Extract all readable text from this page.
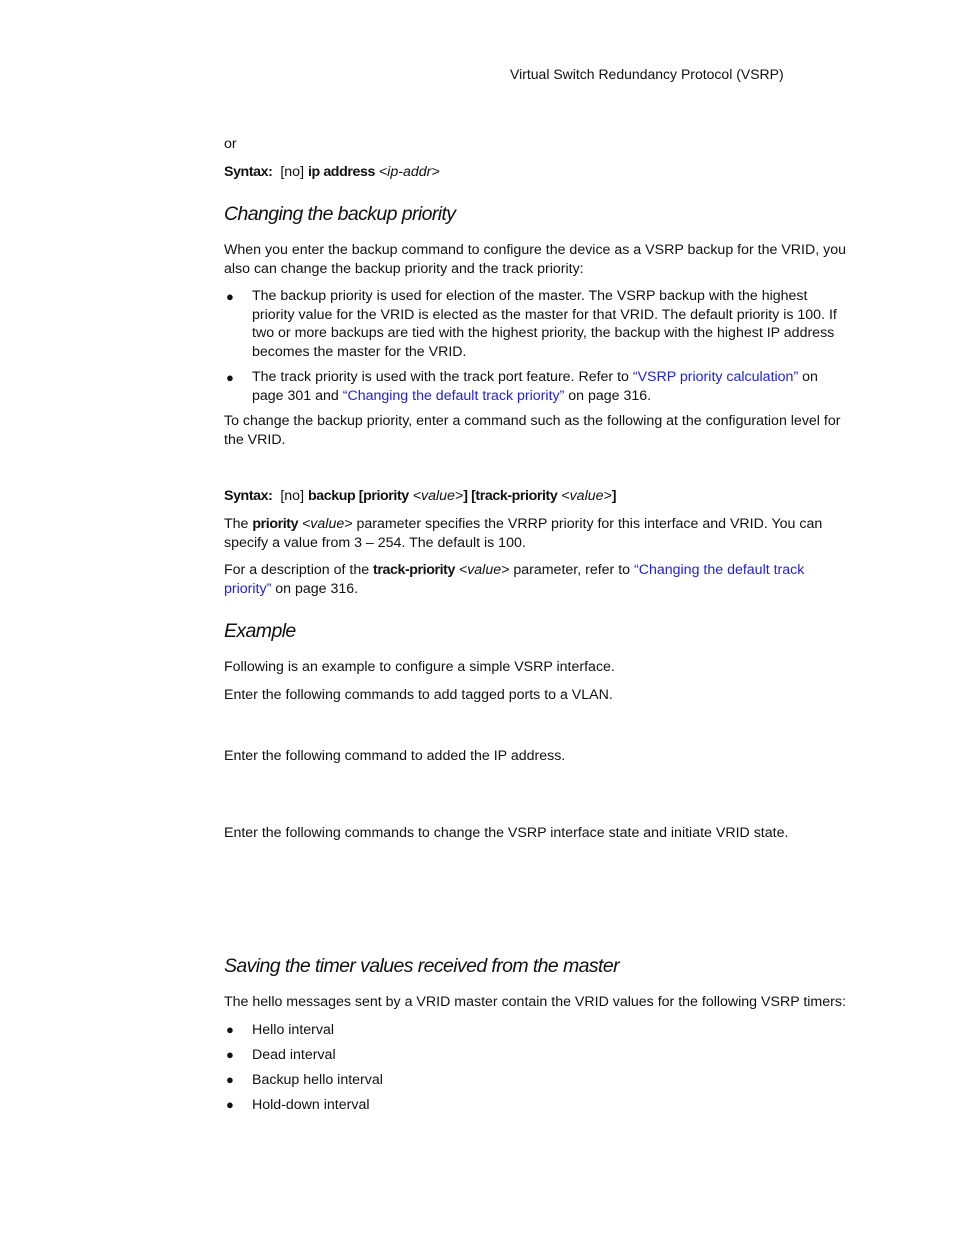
Virtual Switch Redundancy Protocol (VSRP)
or
Syntax: [no] ip address <ip-addr>
Changing the backup priority
When you enter the backup command to configure the device as a VSRP backup for the VRID, you
also can change the backup priority and the track priority:
● The backup priority is used for election of the master. The VSRP backup with the highest
priority value for the VRID is elected as the master for that VRID. The default priority is 100. If
two or more backups are tied with the highest priority, the backup with the highest IP address
becomes the master for the VRID.
● The track priority is used with the track port feature. Refer to “VSRP priority calculation” on
page 301 and “Changing the default track priority” on page 316.
To change the backup priority, enter a command such as the following at the configuration level for
the VRID.
Syntax: [no] backup [priority <value>] [track-priority <value>]
The priority <value> parameter specifies the VRRP priority for this interface and VRID. You can
specify a value from 3 – 254. The default is 100.
For a description of the track-priority <value> parameter, refer to “Changing the default track
priority” on page 316.
Example
Following is an example to configure a simple VSRP interface.
Enter the following commands to add tagged ports to a VLAN.
Enter the following command to added the IP address.
Enter the following commands to change the VSRP interface state and initiate VRID state.
Saving the timer values received from the master
The hello messages sent by a VRID master contain the VRID values for the following VSRP timers:
● Hello interval
● Dead interval
● Backup hello interval
● Hold-down interval
